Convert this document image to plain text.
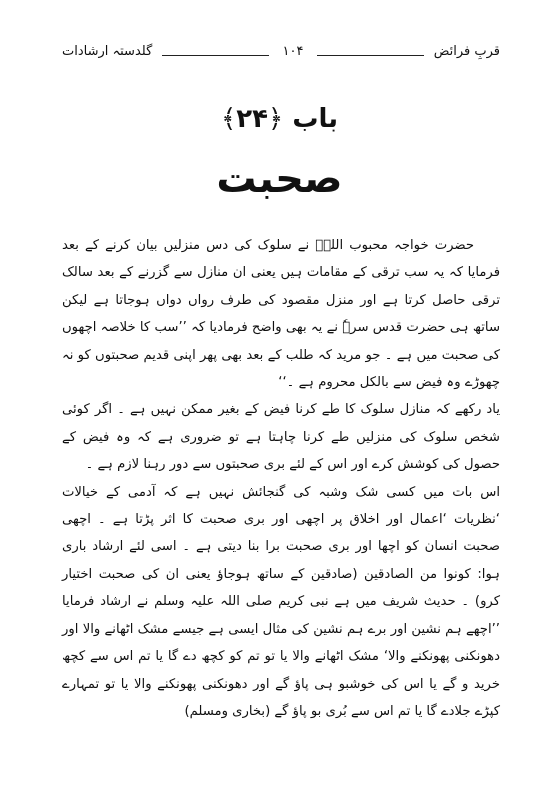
قربِ فرائض
۱۰۴
گلدستہ ارشادات
باب ﴿۲۴﴾
صحبت

حضرت خواجہ محبوب اللہؒ نے سلوک کی دس منزلیں بیان کرنے کے بعد فرمایا کہ یہ سب ترقی کے مقامات ہیں یعنی ان منازل سے گزرنے کے بعد سالک ترقی حاصل کرتا ہے اور منزل مقصود کی طرف رواں دواں ہوجاتا ہے لیکن ساتھ ہی حضرت قدس سرہٗ نے یہ بھی واضح فرمادیا کہ ’’سب کا خلاصہ اچھوں کی صحبت میں ہے ۔ جو مرید کہ طلب کے بعد بھی پھر اپنی قدیم صحبتوں کو نہ چھوڑے وہ فیض سے بالکل محروم ہے ۔‘‘

یاد رکھے کہ منازل سلوک کا طے کرنا فیض کے بغیر ممکن نہیں ہے ۔ اگر کوئی شخص سلوک کی منزلیں طے کرنا چاہتا ہے تو ضروری ہے کہ وہ فیض کے حصول کی کوشش کرے اور اس کے لئے بری صحبتوں سے دور رہنا لازم ہے ۔

اس بات میں کسی شک وشبہ کی گنجائش نہیں ہے کہ آدمی کے خیالات ‘نظریات ‘اعمال اور اخلاق پر اچھی اور بری صحبت کا اثر پڑتا ہے ۔ اچھی صحبت انسان کو اچھا اور بری صحبت برا بنا دیتی ہے ۔ اسی لئے ارشاد باری ہوا: کونوا من الصادقین (صادقین کے ساتھ ہوجاؤ یعنی ان کی صحبت اختیار کرو) ۔ حدیث شریف میں ہے نبی کریم صلی اللہ علیہ وسلم نے ارشاد فرمایا ’’اچھے ہم نشین اور برے ہم نشین کی مثال ایسی ہے جیسے مشک اٹھانے والا اور دھونکنی پھونکنے والا‘ مشک اٹھانے والا یا تو تم کو کچھ دے گا یا تم اس سے کچھ خرید و گے یا اس کی خوشبو ہی پاؤ گے اور دھونکنی پھونکنے والا یا تو تمہارے کپڑے جلادے گا یا تم اس سے بُری بو پاؤ گے (بخاری ومسلم)
